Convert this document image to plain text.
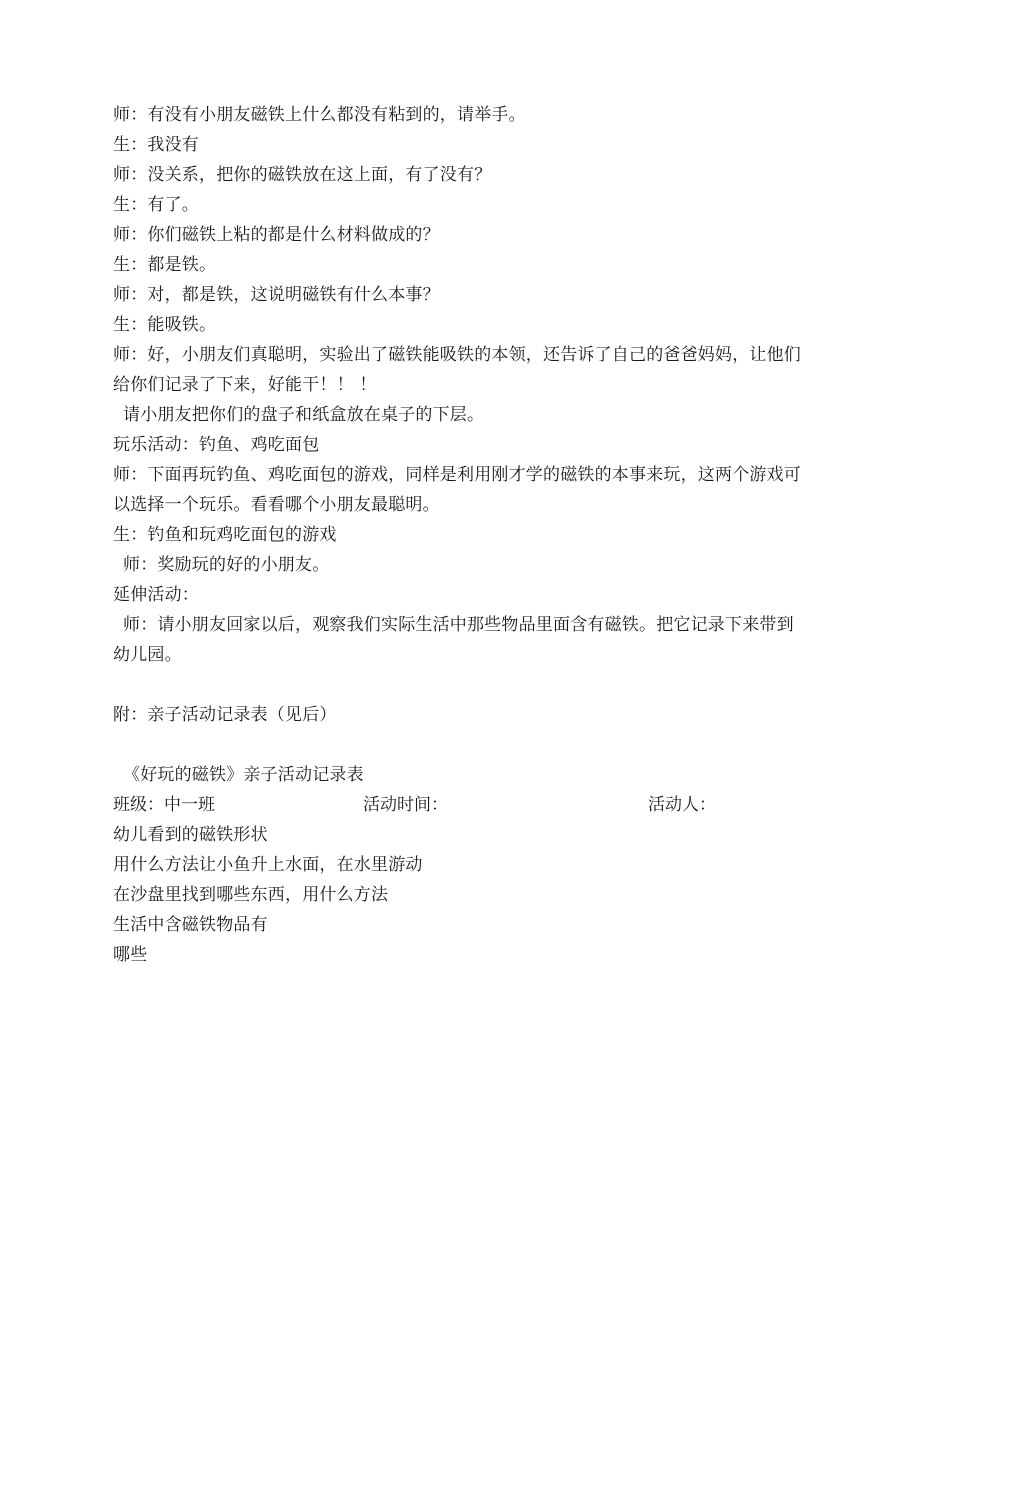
师：有没有小朋友磁铁上什么都没有粘到的，请举手。
生：我没有
师：没关系，把你的磁铁放在这上面，有了没有？
生：有了。
师：你们磁铁上粘的都是什么材料做成的？
生：都是铁。
师：对，都是铁，这说明磁铁有什么本事？
生：能吸铁。
师：好，小朋友们真聪明，实验出了磁铁能吸铁的本领，还告诉了自己的爸爸妈妈，让他们
给你们记录了下来，好能干！！ ！
请小朋友把你们的盘子和纸盒放在桌子的下层。
玩乐活动：钓鱼、鸡吃面包
师：下面再玩钓鱼、鸡吃面包的游戏，同样是利用刚才学的磁铁的本事来玩，这两个游戏可
以选择一个玩乐。看看哪个小朋友最聪明。
生：钓鱼和玩鸡吃面包的游戏
师：奖励玩的好的小朋友。
延伸活动：
师：请小朋友回家以后，观察我们实际生活中那些物品里面含有磁铁。把它记录下来带到
幼儿园。
附：亲子活动记录表（见后）
《好玩的磁铁》亲子活动记录表
班级：中一班	活动时间：	活动人：
幼儿看到的磁铁形状
用什么方法让小鱼升上水面，在水里游动
在沙盘里找到哪些东西，用什么方法
生活中含磁铁物品有
哪些
